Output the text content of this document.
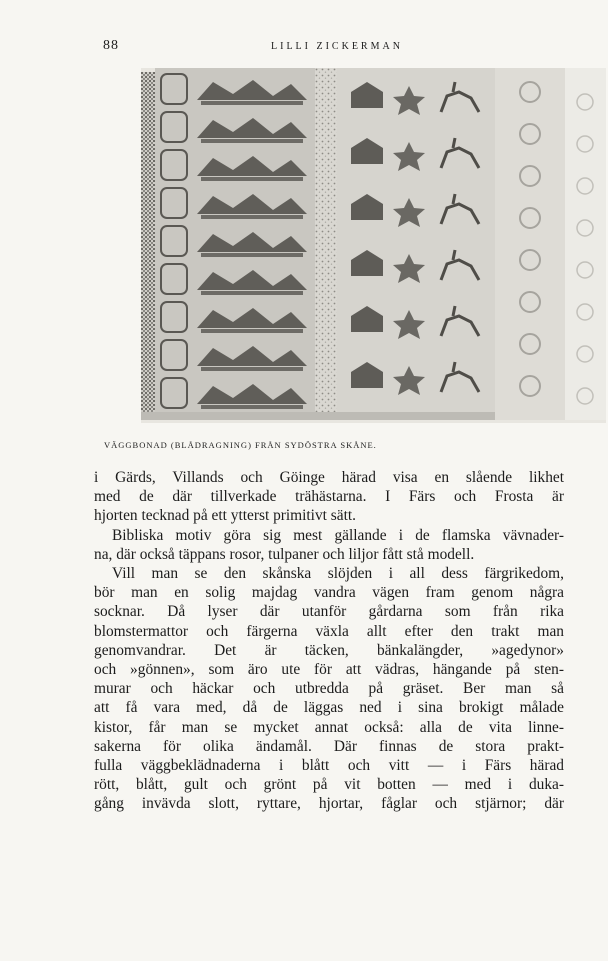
88	LILLI ZICKERMAN
VÄGGBONAD (BLÅDRAGNING) FRÅN SYDÖSTRA SKÅNE.
i Gärds, Villands och Göinge härad visa en slående likhet
med de där tillverkade trähästarna. I Färs och Frosta är
hjorten tecknad på ett ytterst primitivt sätt.
Bibliska motiv göra sig mest gällande i de flamska vävnader-
na, där också täppans rosor, tulpaner och liljor fått stå modell.
Vill man se den skånska slöjden i all dess färgrikedom,
bör man en solig majdag vandra vägen fram genom några
socknar. Då lyser där utanför gårdarna som från rika
blomstermattor och färgerna växla allt efter den trakt man
genomvandrar. Det är täcken, bänkalängder, »agedynor»
och »gönnen», som äro ute för att vädras, hängande på sten-
murar och häckar och utbredda på gräset. Ber man så
att få vara med, då de läggas ned i sina brokigt målade
kistor, får man se mycket annat också: alla de vita linne-
sakerna för olika ändamål. Där finnas de stora prakt-
fulla väggbeklädnaderna i blått och vitt — i Färs härad
rött, blått, gult och grönt på vit botten — med i duka-
gång invävda slott, ryttare, hjortar, fåglar och stjärnor; där
